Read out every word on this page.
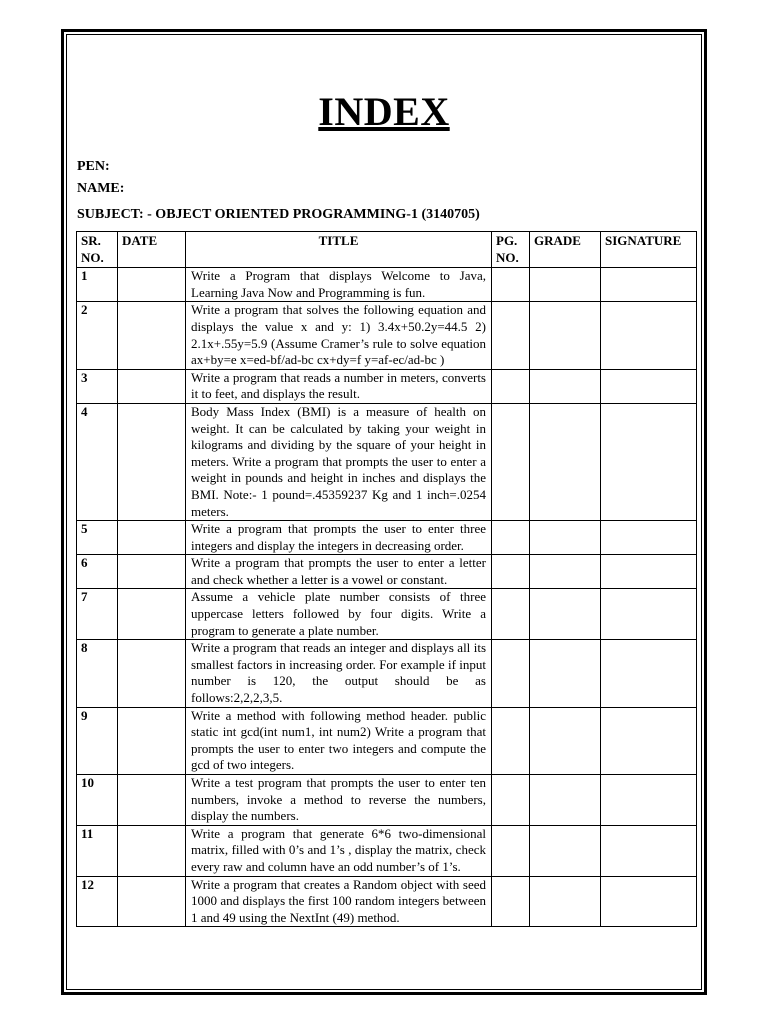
INDEX
PEN:
NAME:
SUBJECT: - OBJECT ORIENTED PROGRAMMING-1 (3140705)
SR. NO.	DATE	TITLE	PG. NO.	GRADE	SIGNATURE
1		Write a Program that displays Welcome to Java, Learning Java Now and Programming is fun.			
2		Write a program that solves the following equation and displays the value x and y: 1) 3.4x+50.2y=44.5 2) 2.1x+.55y=5.9 (Assume Cramer’s rule to solve equation ax+by=e x=ed-bf/ad-bc cx+dy=f y=af-ec/ad-bc )			
3		Write a program that reads a number in meters, converts it to feet, and displays the result.			
4		Body Mass Index (BMI) is a measure of health on weight. It can be calculated by taking your weight in kilograms and dividing by the square of your height in meters. Write a program that prompts the user to enter a weight in pounds and height in inches and displays the BMI. Note:- 1 pound=.45359237 Kg and 1 inch=.0254 meters.			
5		Write a program that prompts the user to enter three integers and display the integers in decreasing order.			
6		Write a program that prompts the user to enter a letter and check whether a letter is a vowel or constant.			
7		Assume a vehicle plate number consists of three uppercase letters followed by four digits. Write a program to generate a plate number.			
8		Write a program that reads an integer and displays all its smallest factors in increasing order. For example if input number is 120, the output should be as follows:2,2,2,3,5.			
9		Write a method with following method header. public static int gcd(int num1, int num2) Write a program that prompts the user to enter two integers and compute the gcd of two integers.			
10		Write a test program that prompts the user to enter ten numbers, invoke a method to reverse the numbers, display the numbers.			
11		Write a program that generate 6*6 two-dimensional matrix, filled with 0’s and 1’s , display the matrix, check every raw and column have an odd number’s of 1’s.			
12		Write a program that creates a Random object with seed 1000 and displays the first 100 random integers between 1 and 49 using the NextInt (49) method.			
